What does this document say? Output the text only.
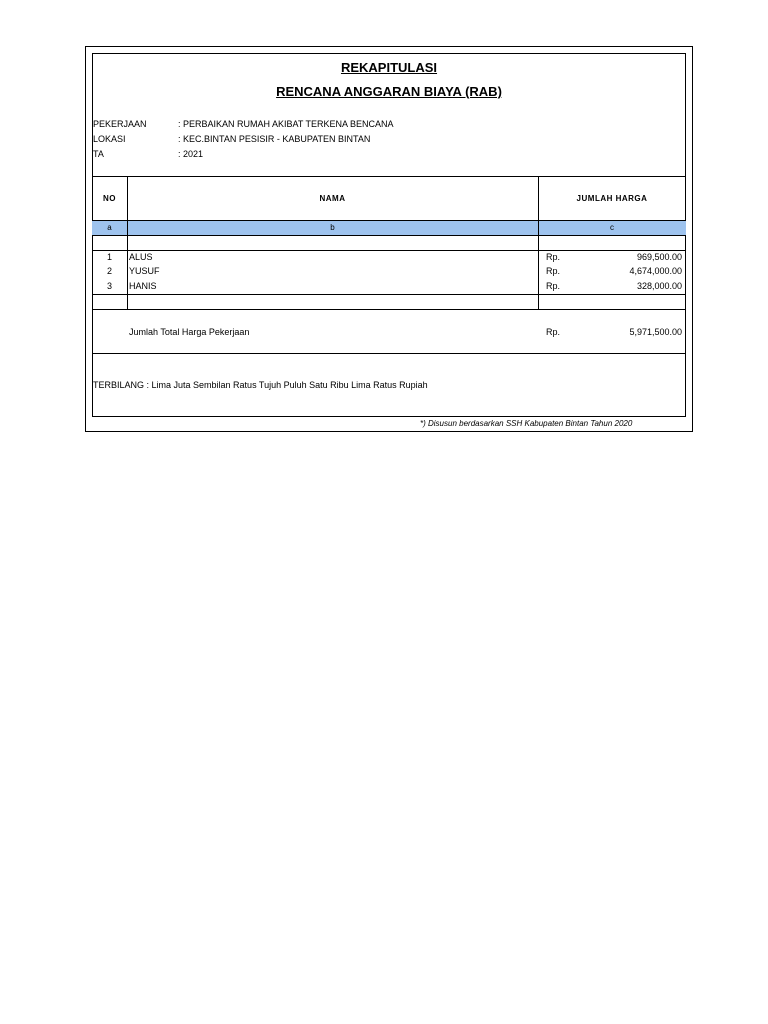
REKAPITULASI
RENCANA ANGGARAN BIAYA (RAB)
PEKERJAAN	: PERBAIKAN RUMAH AKIBAT TERKENA BENCANA
LOKASI	: KEC.BINTAN PESISIR - KABUPATEN BINTAN
TA	: 2021
NO	NAMA	JUMLAH HARGA
a	b	c
1	ALUS	Rp.	969,500.00
2	YUSUF	Rp.	4,674,000.00
3	HANIS	Rp.	328,000.00
Jumlah Total Harga Pekerjaan	Rp.	5,971,500.00
TERBILANG : Lima Juta Sembilan Ratus Tujuh Puluh Satu Ribu Lima Ratus Rupiah
*) Disusun berdasarkan SSH Kabupaten Bintan Tahun 2020
